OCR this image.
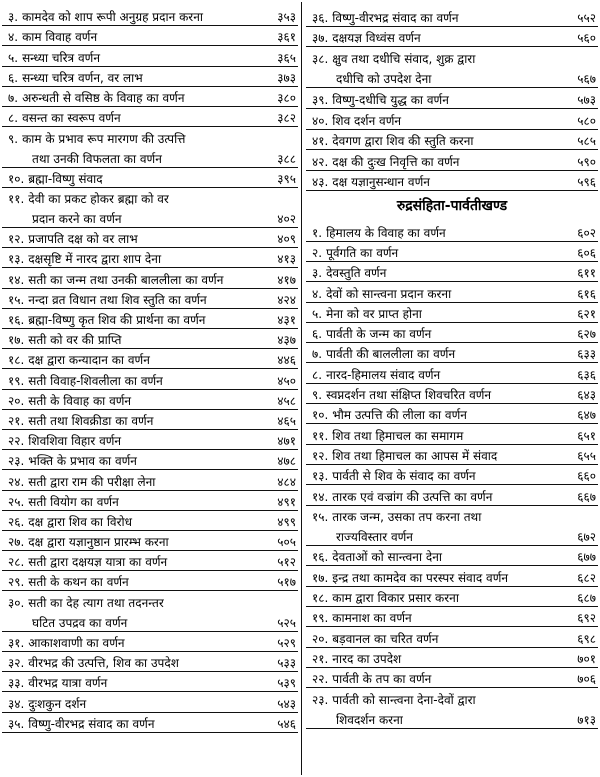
३. कामदेव को शाप रूपी अनुग्रह प्रदान करना	३५३
४. काम विवाह वर्णन	३६१
५. सन्ध्या चरित्र वर्णन	३६५
६. सन्ध्या चरित्र वर्णन, वर लाभ	३७३
७. अरुन्धती से वसिष्ठ के विवाह का वर्णन	३८०
८. वसन्त का स्वरूप वर्णन	३८२
९. काम के प्रभाव रूप मारगण की उत्पत्ति
तथा उनकी विफलता का वर्णन	३८८
१०. ब्रह्मा-विष्णु संवाद	३९५
११. देवी का प्रकट होकर ब्रह्मा को वर
प्रदान करने का वर्णन	४०२
१२. प्रजापति दक्ष को वर लाभ	४०९
१३. दक्षसृष्टि में नारद द्वारा शाप देना	४१३
१४. सती का जन्म तथा उनकी बाललीला का वर्णन	४१७
१५. नन्दा व्रत विधान तथा शिव स्तुति का वर्णन	४२४
१६. ब्रह्मा-विष्णु कृत शिव की प्रार्थना का वर्णन	४३१
१७. सती को वर की प्राप्ति	४३७
१८. दक्ष द्वारा कन्यादान का वर्णन	४४६
१९. सती विवाह-शिवलीला का वर्णन	४५०
२०. सती के विवाह का वर्णन	४५८
२१. सती तथा शिवक्रीडा का वर्णन	४६५
२२. शिवशिवा विहार वर्णन	४७१
२३. भक्ति के प्रभाव का वर्णन	४७८
२४. सती द्वारा राम की परीक्षा लेना	४८४
२५. सती वियोग का वर्णन	४९१
२६. दक्ष द्वारा शिव का विरोध	४९९
२७. दक्ष द्वारा यज्ञानुष्ठान प्रारम्भ करना	५०५
२८. सती द्वारा दक्षयज्ञ यात्रा का वर्णन	५१२
२९. सती के कथन का वर्णन	५१७
३०. सती का देह त्याग तथा तदनन्तर
घटित उपद्रव का वर्णन	५२५
३१. आकाशवाणी का वर्णन	५२९
३२. वीरभद्र की उत्पत्ति, शिव का उपदेश	५३३
३३. वीरभद्र यात्रा वर्णन	५३९
३४. दुःशकुन दर्शन	५४३
३५. विष्णु-वीरभद्र संवाद का वर्णन	५४६
३६. विष्णु-वीरभद्र संवाद का वर्णन	५५२
३७. दक्षयज्ञ विध्वंस वर्णन	५६०
३८. क्षुव तथा दधीचि संवाद, शुक्र द्वारा
दधीचि को उपदेश देना	५६७
३९. विष्णु-दधीचि युद्ध का वर्णन	५७३
४०. शिव दर्शन वर्णन	५८०
४१. देवगण द्वारा शिव की स्तुति करना	५८५
४२. दक्ष की दुःख निवृत्ति का वर्णन	५९०
४३. दक्ष यज्ञानुसन्धान वर्णन	५९६
रुद्रसंहिता-पार्वतीखण्ड
१. हिमालय के विवाह का वर्णन	६०२
२. पूर्वगति का वर्णन	६०६
३. देवस्तुति वर्णन	६११
४. देवों को सान्त्वना प्रदान करना	६१६
५. मेना को वर प्राप्त होना	६२१
६. पार्वती के जन्म का वर्णन	६२७
७. पार्वती की बाललीला का वर्णन	६३३
८. नारद-हिमालय संवाद वर्णन	६३६
९. स्वप्नदर्शन तथा संक्षिप्त शिवचरित वर्णन	६४३
१०. भौम उत्पत्ति की लीला का वर्णन	६४७
११. शिव तथा हिमाचल का समागम	६५१
१२. शिव तथा हिमाचल का आपस में संवाद	६५५
१३. पार्वती से शिव के संवाद का वर्णन	६६०
१४. तारक एवं वज्रांग की उत्पत्ति का वर्णन	६६७
१५. तारक जन्म, उसका तप करना तथा
राज्यविस्तार वर्णन	६७२
१६. देवताओं को सान्त्वना देना	६७७
१७. इन्द्र तथा कामदेव का परस्पर संवाद वर्णन	६८२
१८. काम द्वारा विकार प्रसार करना	६८७
१९. कामनाश का वर्णन	६९२
२०. बड़वानल का चरित वर्णन	६९८
२१. नारद का उपदेश	७०१
२२. पार्वती के तप का वर्णन	७०६
२३. पार्वती को सान्त्वना देना-देवों द्वारा
शिवदर्शन करना	७१३
